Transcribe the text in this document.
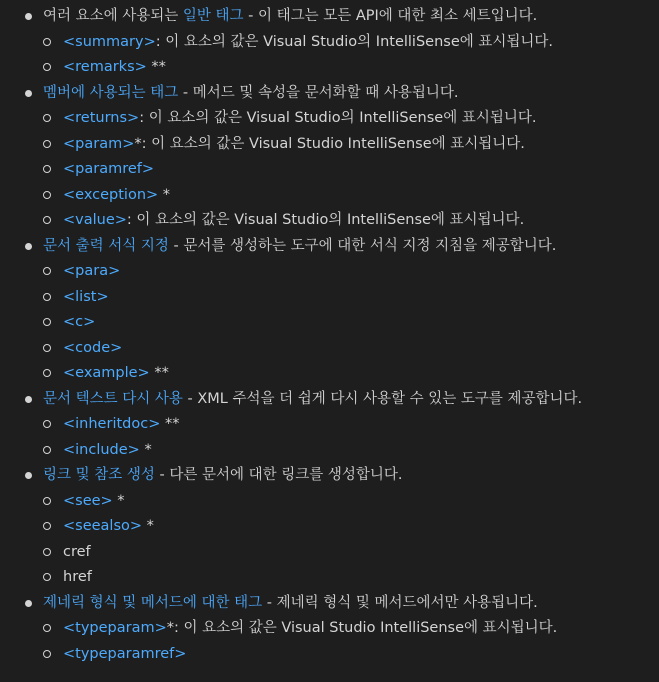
여러 요소에 사용되는 일반 태그 - 이 태그는 모든 API에 대한 최소 세트입니다.
<summary>: 이 요소의 값은 Visual Studio의 IntelliSense에 표시됩니다.
<remarks> **
멤버에 사용되는 태그 - 메서드 및 속성을 문서화할 때 사용됩니다.
<returns>: 이 요소의 값은 Visual Studio의 IntelliSense에 표시됩니다.
<param>*: 이 요소의 값은 Visual Studio IntelliSense에 표시됩니다.
<paramref>
<exception> *
<value>: 이 요소의 값은 Visual Studio의 IntelliSense에 표시됩니다.
문서 출력 서식 지정 - 문서를 생성하는 도구에 대한 서식 지정 지침을 제공합니다.
<para>
<list>
<c>
<code>
<example> **
문서 텍스트 다시 사용 - XML 주석을 더 쉽게 다시 사용할 수 있는 도구를 제공합니다.
<inheritdoc> **
<include> *
링크 및 참조 생성 - 다른 문서에 대한 링크를 생성합니다.
<see> *
<seealso> *
cref
href
제네릭 형식 및 메서드에 대한 태그 - 제네릭 형식 및 메서드에서만 사용됩니다.
<typeparam>*: 이 요소의 값은 Visual Studio IntelliSense에 표시됩니다.
<typeparamref>
